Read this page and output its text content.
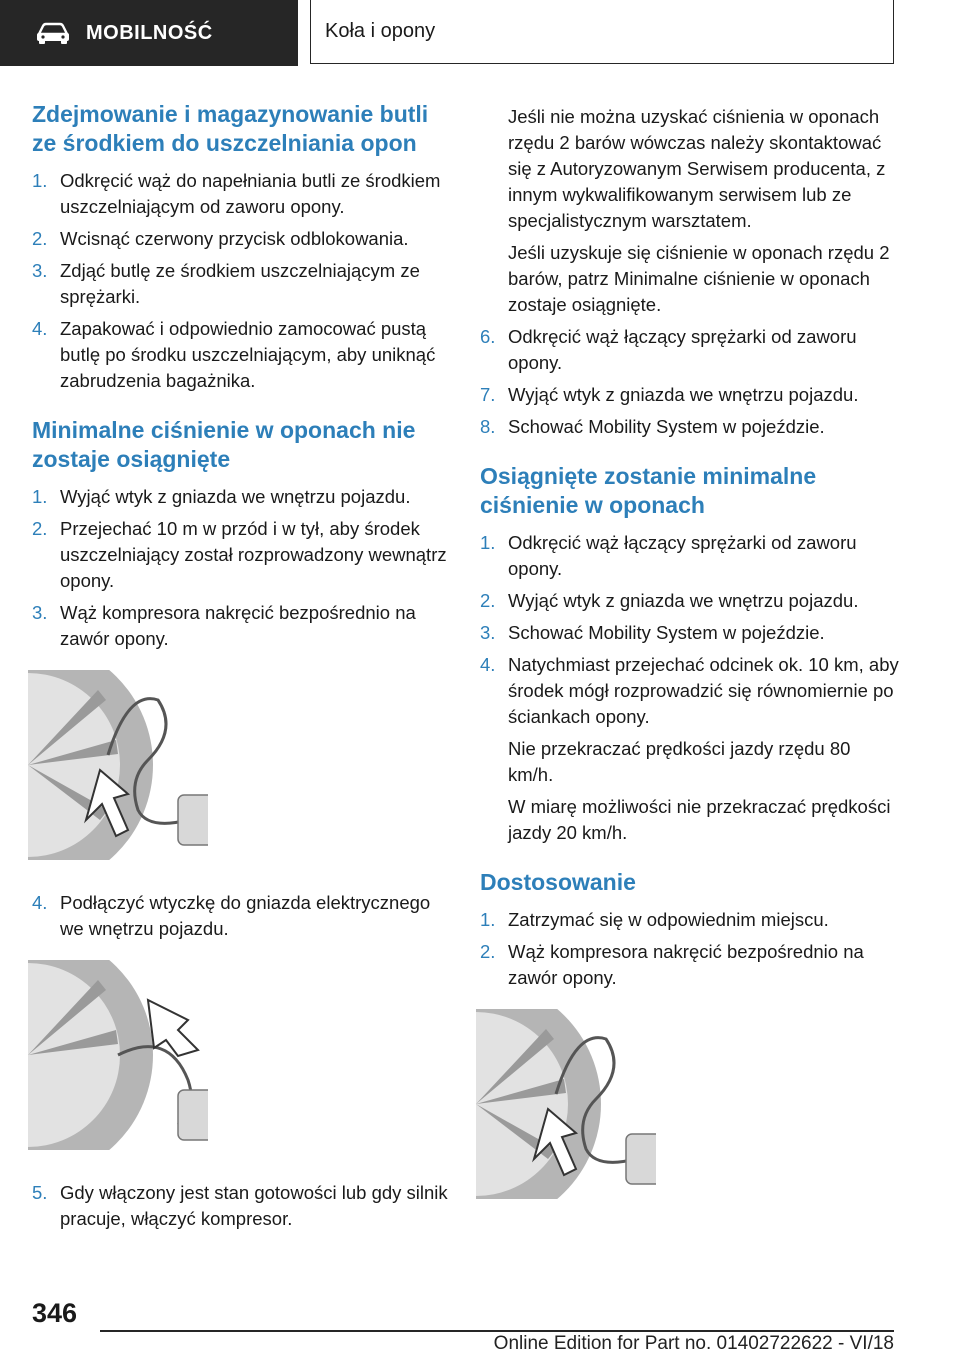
MOBILNOŚĆ	Koła i opony
Zdejmowanie i magazynowanie butli ze środkiem do uszczelniania opon
1. Odkręcić wąż do napełniania butli ze środkiem uszczelniającym od zaworu opony.
2. Wcisnąć czerwony przycisk odblokowania.
3. Zdjąć butlę ze środkiem uszczelniającym ze sprężarki.
4. Zapakować i odpowiednio zamocować pustą butlę po środku uszczelniającym, aby uniknąć zabrudzenia bagażnika.
Minimalne ciśnienie w oponach nie zostaje osiągnięte
1. Wyjąć wtyk z gniazda we wnętrzu pojazdu.
2. Przejechać 10 m w przód i w tył, aby środek uszczelniający został rozprowadzony wewnątrz opony.
3. Wąż kompresora nakręcić bezpośrednio na zawór opony.
4. Podłączyć wtyczkę do gniazda elektrycznego we wnętrzu pojazdu.
5. Gdy włączony jest stan gotowości lub gdy silnik pracuje, włączyć kompresor.

Jeśli nie można uzyskać ciśnienia w oponach rzędu 2 barów wówczas należy skontaktować się z Autoryzowanym Serwisem producenta, z innym wykwalifikowanym serwisem lub ze specjalistycznym warsztatem.

Jeśli uzyskuje się ciśnienie w oponach rzędu 2 barów, patrz Minimalne ciśnienie w oponach zostaje osiągnięte.

6. Odkręcić wąż łączący sprężarki od zaworu opony.
7. Wyjąć wtyk z gniazda we wnętrzu pojazdu.
8. Schować Mobility System w pojeździe.
Osiągnięte zostanie minimalne ciśnienie w oponach
1. Odkręcić wąż łączący sprężarki od zaworu opony.
2. Wyjąć wtyk z gniazda we wnętrzu pojazdu.
3. Schować Mobility System w pojeździe.
4. Natychmiast przejechać odcinek ok. 10 km, aby środek mógł rozprowadzić się równomiernie po ściankach opony.

Nie przekraczać prędkości jazdy rzędu 80 km/h.

W miarę możliwości nie przekraczać prędkości jazdy 20 km/h.

Dostosowanie
1. Zatrzymać się w odpowiednim miejscu.
2. Wąż kompresora nakręcić bezpośrednio na zawór opony.
346
Online Edition for Part no. 01402722622 - VI/18
